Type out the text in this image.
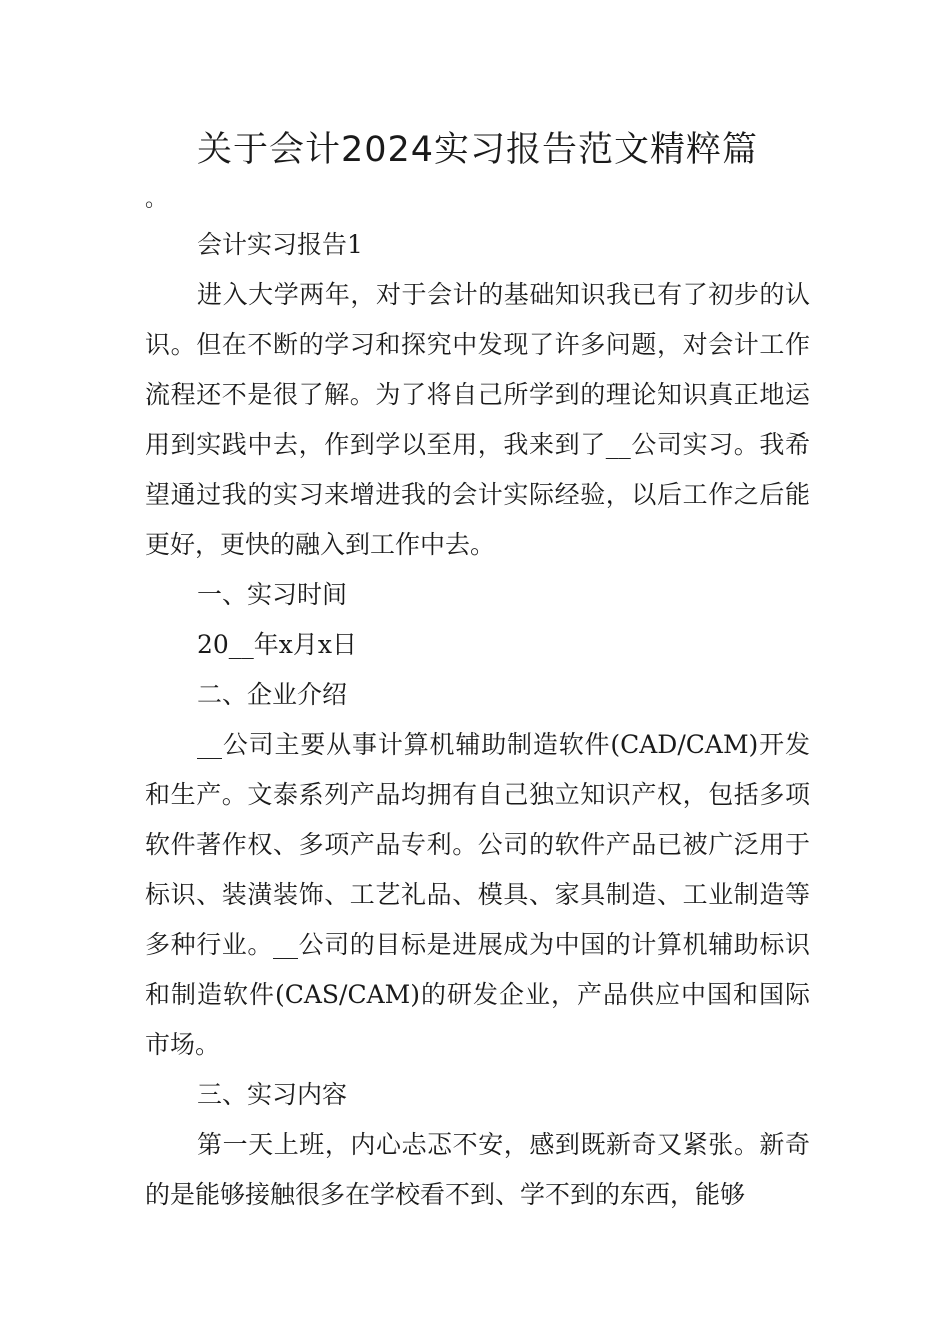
关于会计2024实习报告范文精粹篇
。

会计实习报告1

进入大学两年，对于会计的基础知识我已有了初步的认识。但在不断的学习和探究中发现了许多问题，对会计工作流程还不是很了解。为了将自己所学到的理论知识真正地运用到实践中去，作到学以至用，我来到了__公司实习。我希望通过我的实习来增进我的会计实际经验，以后工作之后能更好，更快的融入到工作中去。

一、实习时间

20__年x月x日

二、企业介绍

__公司主要从事计算机辅助制造软件(CAD/CAM)开发和生产。文泰系列产品均拥有自己独立知识产权，包括多项软件著作权、多项产品专利。公司的软件产品已被广泛用于标识、装潢装饰、工艺礼品、模具、家具制造、工业制造等多种行业。__公司的目标是进展成为中国的计算机辅助标识和制造软件(CAS/CAM)的研发企业，产品供应中国和国际市场。

三、实习内容

第一天上班，内心忐忑不安，感到既新奇又紧张。新奇的是能够接触很多在学校看不到、学不到的东西，能够
